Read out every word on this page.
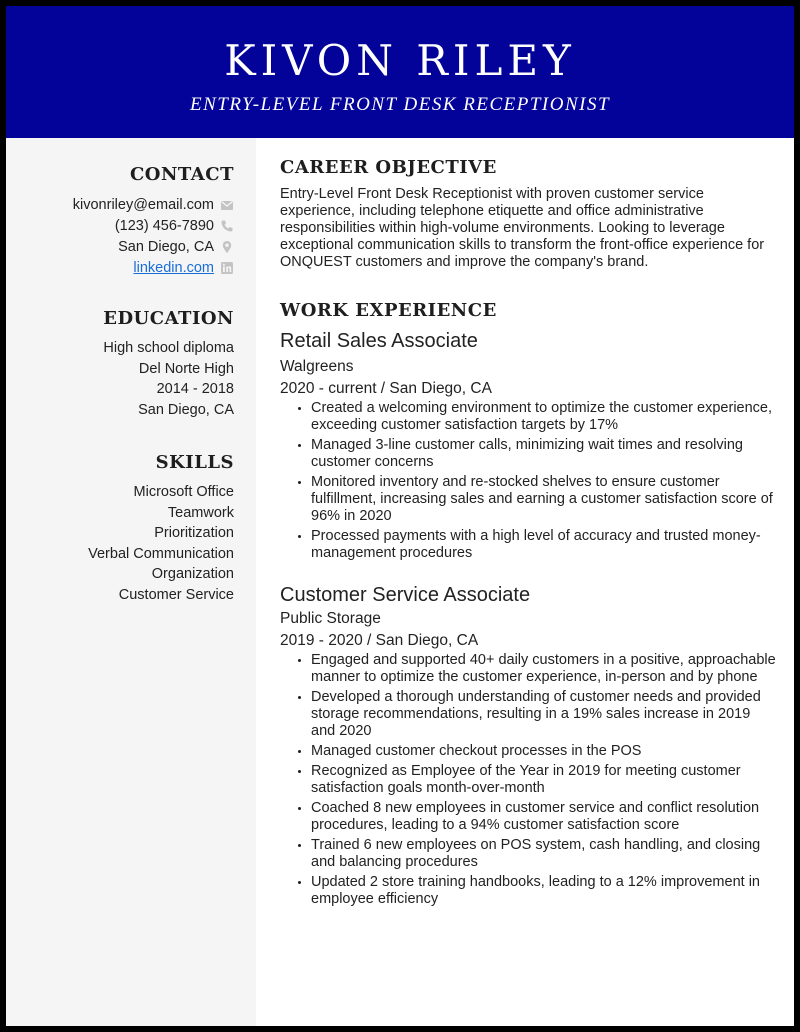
KIVON RILEY
ENTRY-LEVEL FRONT DESK RECEPTIONIST
CONTACT
kivonriley@email.com
(123) 456-7890
San Diego, CA
linkedin.com
EDUCATION
High school diploma
Del Norte High
2014 - 2018
San Diego, CA
SKILLS
Microsoft Office
Teamwork
Prioritization
Verbal Communication
Organization
Customer Service
CAREER OBJECTIVE

Entry-Level Front Desk Receptionist with proven customer service experience, including telephone etiquette and office administrative responsibilities within high-volume environments. Looking to leverage exceptional communication skills to transform the front-office experience for ONQUEST customers and improve the company's brand.

WORK EXPERIENCE
Retail Sales Associate
Walgreens
2020 - current / San Diego, CA
• Created a welcoming environment to optimize the customer experience, exceeding customer satisfaction targets by 17%
• Managed 3-line customer calls, minimizing wait times and resolving customer concerns
• Monitored inventory and re-stocked shelves to ensure customer fulfillment, increasing sales and earning a customer satisfaction score of 96% in 2020
• Processed payments with a high level of accuracy and trusted money-management procedures
Customer Service Associate
Public Storage
2019 - 2020 / San Diego, CA
• Engaged and supported 40+ daily customers in a positive, approachable manner to optimize the customer experience, in-person and by phone
• Developed a thorough understanding of customer needs and provided storage recommendations, resulting in a 19% sales increase in 2019 and 2020
• Managed customer checkout processes in the POS
• Recognized as Employee of the Year in 2019 for meeting customer satisfaction goals month-over-month
• Coached 8 new employees in customer service and conflict resolution procedures, leading to a 94% customer satisfaction score
• Trained 6 new employees on POS system, cash handling, and closing and balancing procedures
• Updated 2 store training handbooks, leading to a 12% improvement in employee efficiency
